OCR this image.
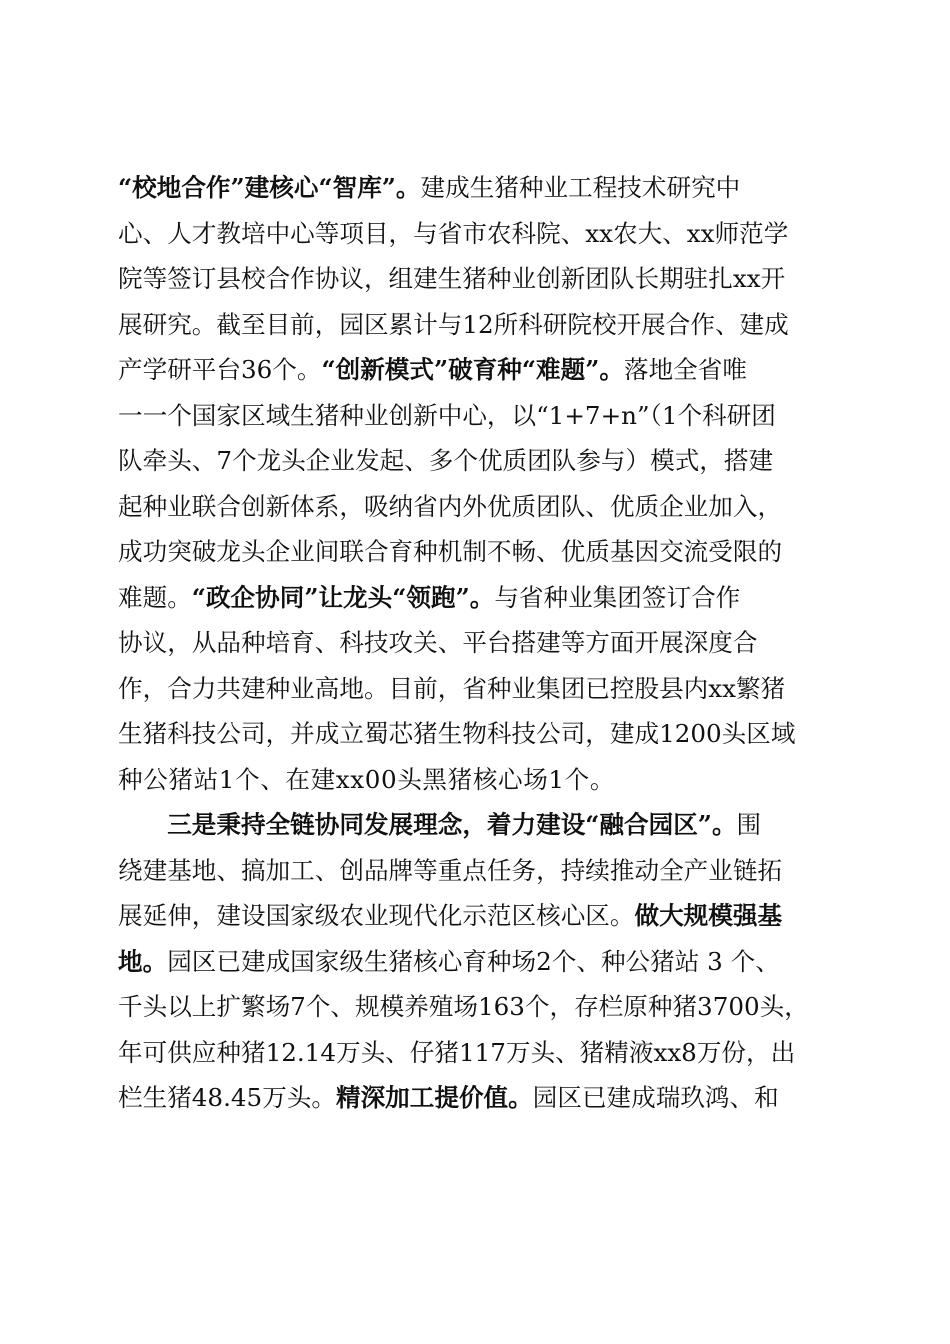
“校地合作”建核心“智库”。建成生猪种业工程技术研究中
心、人才教培中心等项目，与省市农科院、xx农大、xx师范学
院等签订县校合作协议，组建生猪种业创新团队长期驻扎xx开
展研究。截至目前，园区累计与12所科研院校开展合作、建成
产学研平台36个。“创新模式”破育种“难题”。落地全省唯
一一个国家区域生猪种业创新中心，以“1+7+n”（1个科研团
队牵头、7个龙头企业发起、多个优质团队参与）模式，搭建
起种业联合创新体系，吸纳省内外优质团队、优质企业加入，
成功突破龙头企业间联合育种机制不畅、优质基因交流受限的
难题。“政企协同”让龙头“领跑”。与省种业集团签订合作
协议，从品种培育、科技攻关、平台搭建等方面开展深度合
作，合力共建种业高地。目前，省种业集团已控股县内xx繁猪
生猪科技公司，并成立蜀芯猪生物科技公司，建成1200头区域
种公猪站1个、在建xx00头黑猪核心场1个。
　　三是秉持全链协同发展理念，着力建设“融合园区”。围
绕建基地、搞加工、创品牌等重点任务，持续推动全产业链拓
展延伸，建设国家级农业现代化示范区核心区。做大规模强基
地。园区已建成国家级生猪核心育种场2个、种公猪站 3 个、
千头以上扩繁场7个、规模养殖场163个，存栏原种猪3700头，
年可供应种猪12.14万头、仔猪117万头、猪精液xx8万份，出
栏生猪48.45万头。精深加工提价值。园区已建成瑞玖鸿、和
